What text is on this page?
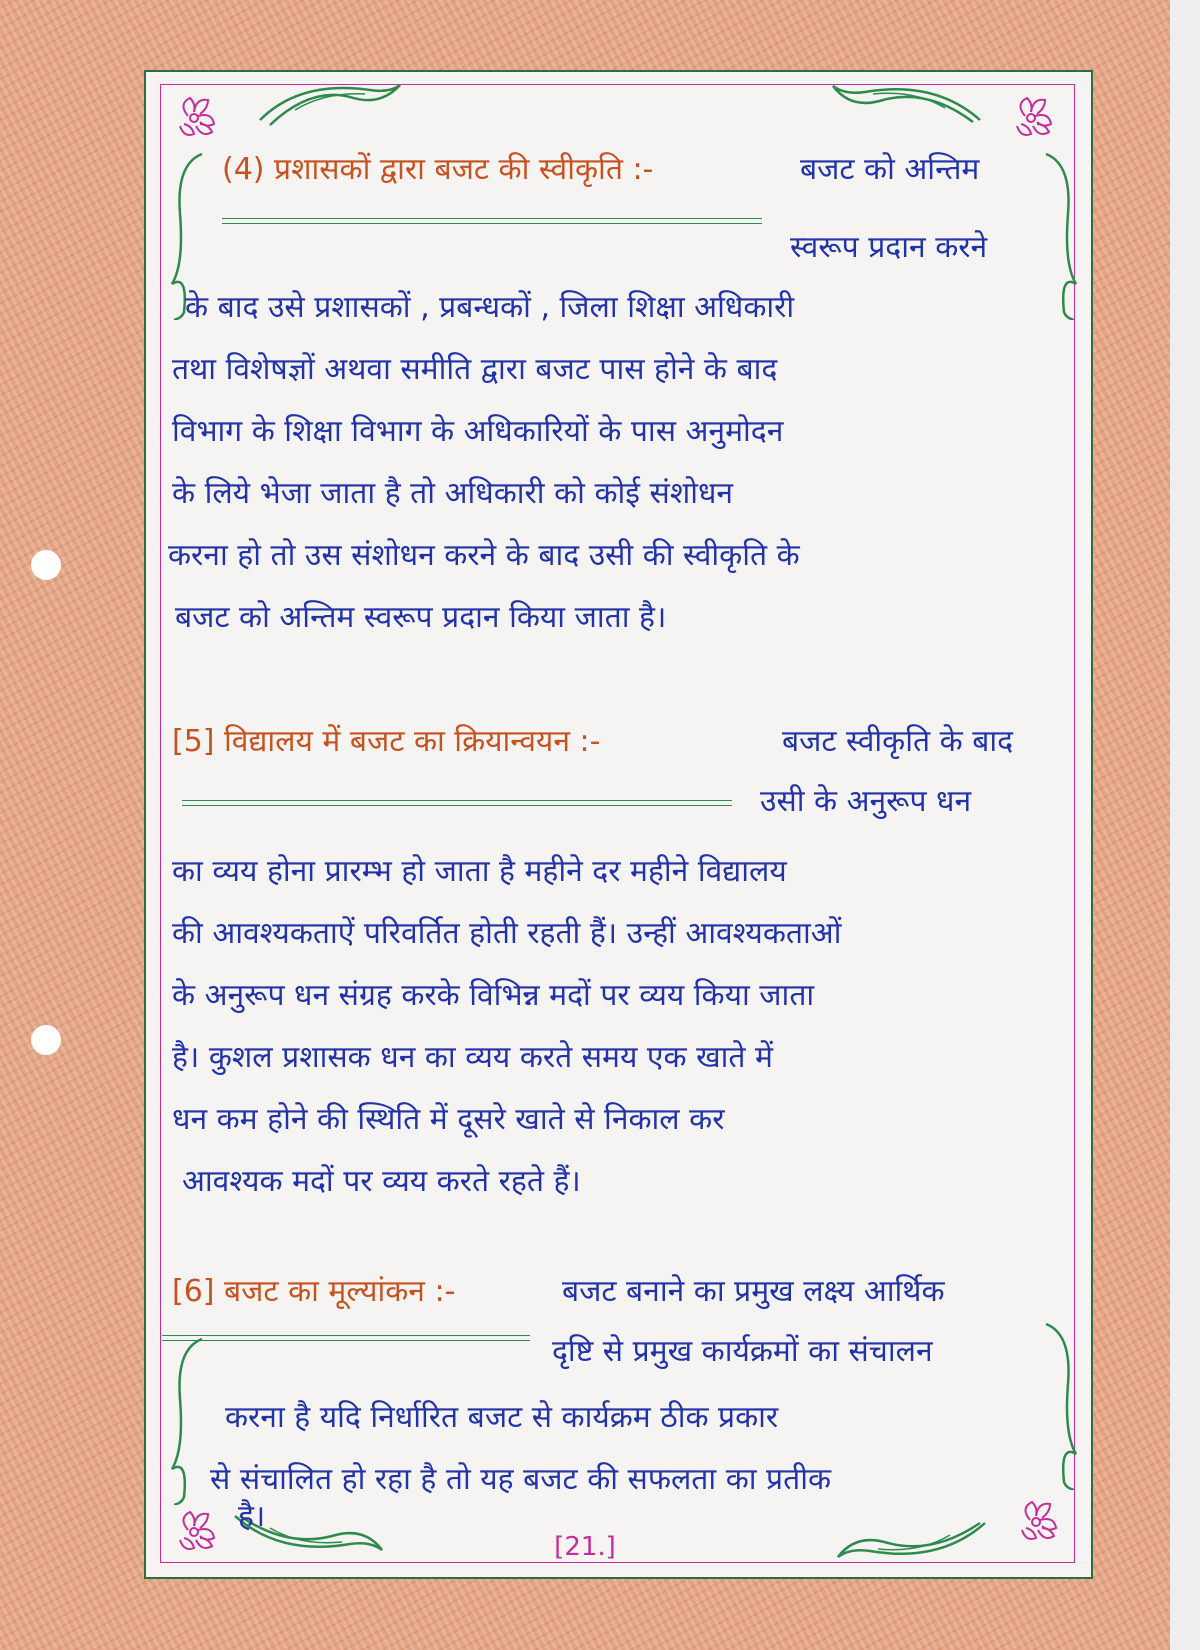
(4) प्रशासकों द्वारा बजट की स्वीकृति :-	बजट को अन्तिम
स्वरूप प्रदान करने
के बाद उसे प्रशासकों , प्रबन्धकों , जिला शिक्षा अधिकारी
तथा विशेषज्ञों अथवा समीति द्वारा बजट पास होने के बाद
विभाग के शिक्षा विभाग के अधिकारियों के पास अनुमोदन
के लिये भेजा जाता है तो अधिकारी को कोई संशोधन
करना हो तो उस संशोधन करने के बाद उसी की स्वीकृति के
बजट को अन्तिम स्वरूप प्रदान किया जाता है।
[5] विद्यालय में बजट का क्रियान्वयन :-	बजट स्वीकृति के बाद
उसी के अनुरूप धन
का व्यय होना प्रारम्भ हो जाता है महीने दर महीने विद्यालय
की आवश्यकताऐं परिवर्तित होती रहती हैं। उन्हीं आवश्यकताओं
के अनुरूप धन संग्रह करके विभिन्न मदों पर व्यय किया जाता
है। कुशल प्रशासक धन का व्यय करते समय एक खाते में
धन कम होने की स्थिति में दूसरे खाते से निकाल कर
आवश्यक मदों पर व्यय करते रहते हैं।
[6] बजट का मूल्यांकन :-	बजट बनाने का प्रमुख लक्ष्य आर्थिक
दृष्टि से प्रमुख कार्यक्रमों का संचालन
करना है यदि निर्धारित बजट से कार्यक्रम ठीक प्रकार
से संचालित हो रहा है तो यह बजट की सफलता का प्रतीक
है।
[21.]
